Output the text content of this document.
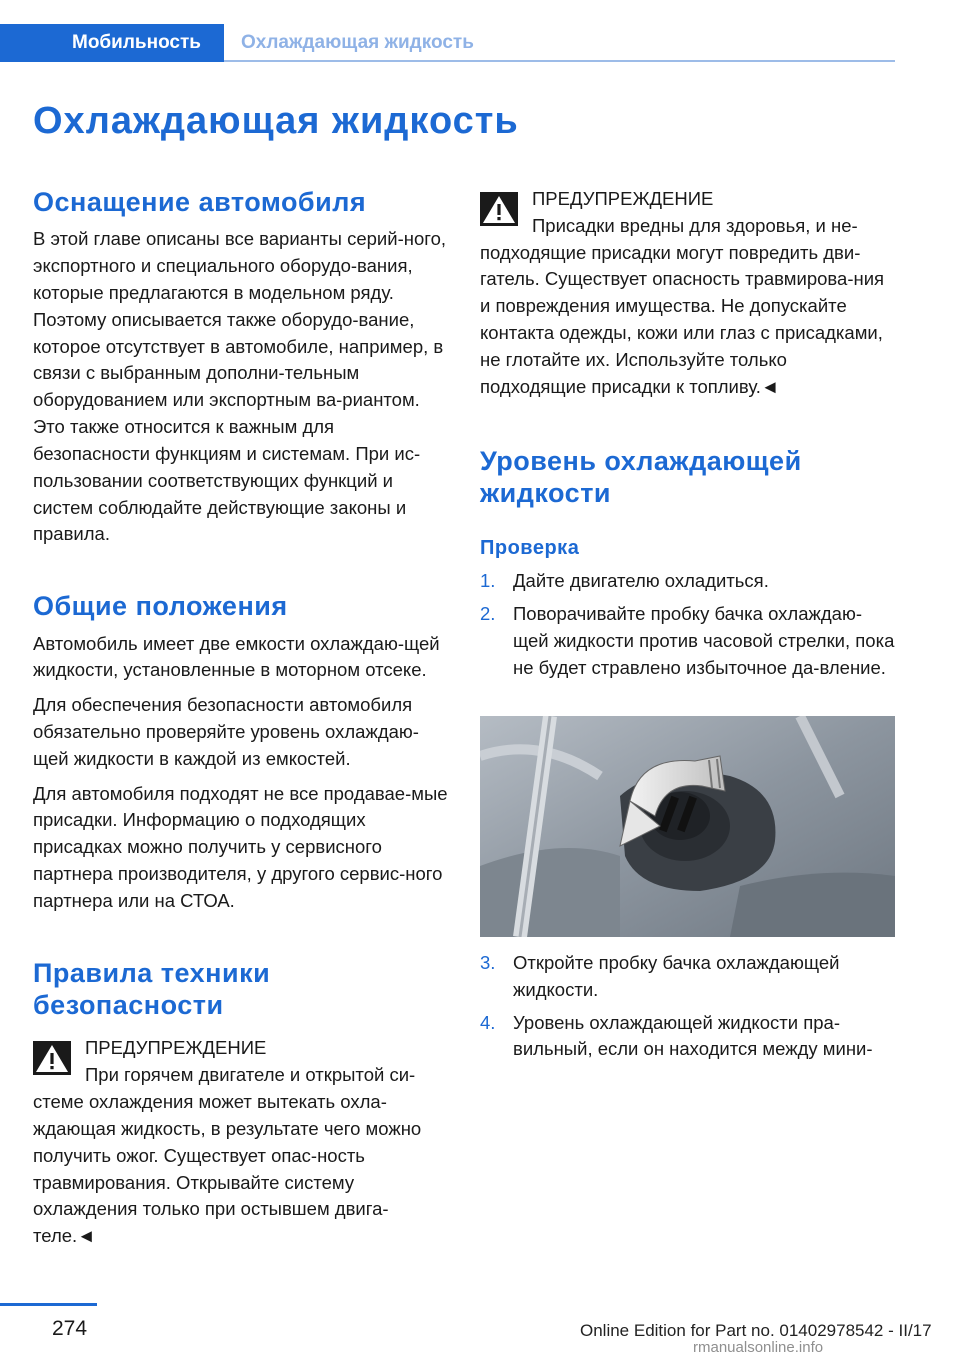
Мобильность	Охлаждающая жидкость
Охлаждающая жидкость
Оснащение автомобиля

В этой главе описаны все варианты серий-ного, экспортного и специального оборудо-вания, которые предлагаются в модельном ряду. Поэтому описывается также оборудо-вание, которое отсутствует в автомобиле, например, в связи с выбранным дополни-тельным оборудованием или экспортным ва-риантом. Это также относится к важным для безопасности функциям и системам. При ис-пользовании соответствующих функций и систем соблюдайте действующие законы и правила.

Общие положения

Автомобиль имеет две емкости охлаждаю-щей жидкости, установленные в моторном отсеке.

Для обеспечения безопасности автомобиля обязательно проверяйте уровень охлаждаю-щей жидкости в каждой из емкостей.

Для автомобиля подходят не все продавае-мые присадки. Информацию о подходящих присадках можно получить у сервисного партнера производителя, у другого сервис-ного партнера или на СТОА.

Правила техники безопасности
ПРЕДУПРЕЖДЕНИЕ
При горячем двигателе и открытой си-
стеме охлаждения может вытекать охла-ждающая жидкость, в результате чего можно получить ожог. Существует опас-ность травмирования. Открывайте систему охлаждения только при остывшем двига-теле.◄
ПРЕДУПРЕЖДЕНИЕ
Присадки вредны для здоровья, и не-
подходящие присадки могут повредить дви-гатель. Существует опасность травмирова-ния и повреждения имущества. Не допускайте контакта одежды, кожи или глаз с присадками, не глотайте их. Используйте только подходящие присадки к топливу.◄
Уровень охлаждающей жидкости
Проверка
1. Дайте двигателю охладиться.
2. Поворачивайте пробку бачка охлаждаю-щей жидкости против часовой стрелки, пока не будет стравлено избыточное да-вление.
3. Откройте пробку бачка охлаждающей жидкости.
4. Уровень охлаждающей жидкости пра-вильный, если он находится между мини-
274	Online Edition for Part no. 01402978542 - II/17
rmanualsonline.info
